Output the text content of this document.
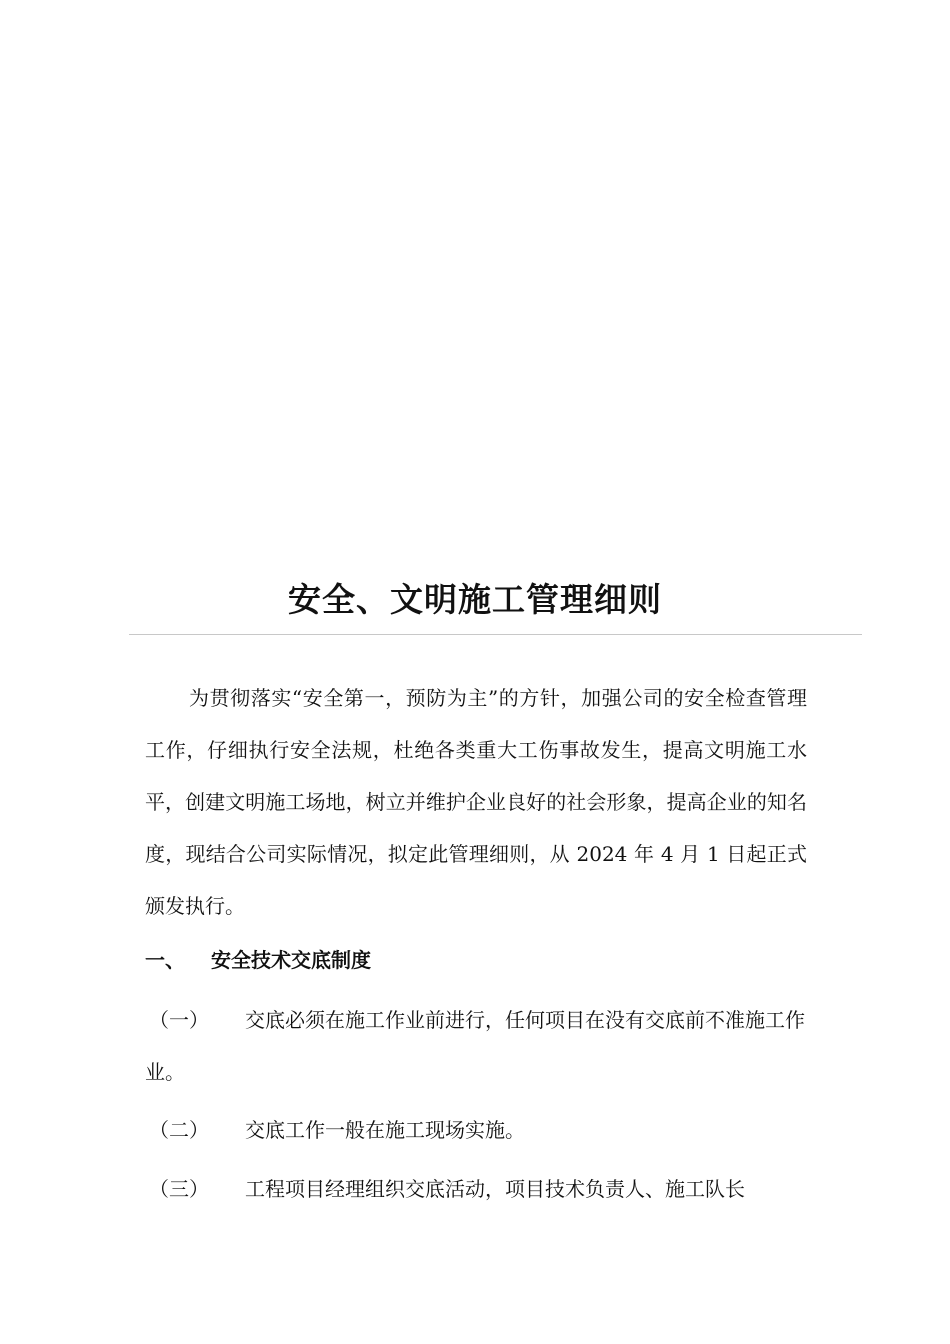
安全、文明施工管理细则

为贯彻落实“安全第一，预防为主”的方针，加强公司的安全检查管理工作，仔细执行安全法规，杜绝各类重大工伤事故发生，提高文明施工水平，创建文明施工场地，树立并维护企业良好的社会形象，提高企业的知名度，现结合公司实际情况，拟定此管理细则，从 2024 年 4 月 1 日起正式颁发执行。

一、 安全技术交底制度
（一） 交底必须在施工作业前进行，任何项目在没有交底前不准施工作业。
（二） 交底工作一般在施工现场实施。
（三） 工程项目经理组织交底活动，项目技术负责人、施工队长
